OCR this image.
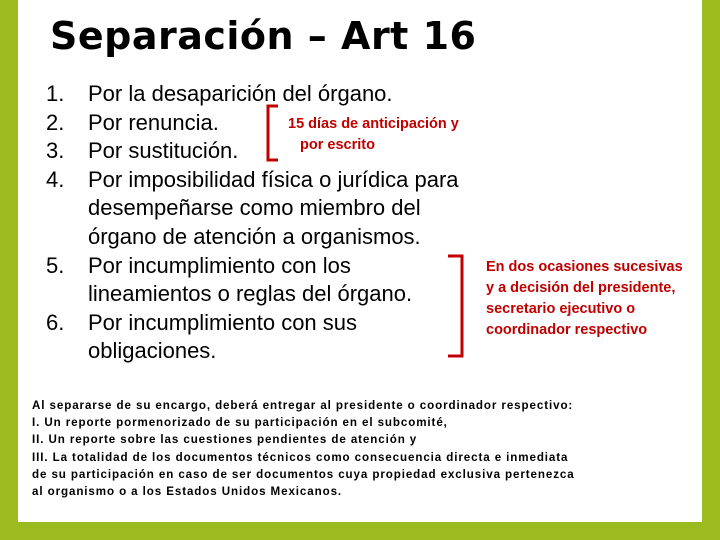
Separación – Art 16
1. Por la desaparición del órgano.
2. Por renuncia.
3. Por sustitución.
4. Por imposibilidad física o jurídica para
desempeñarse como miembro del
órgano de atención a organismos.
5. Por incumplimiento con los
lineamientos o reglas del órgano.
6. Por incumplimiento con sus
obligaciones.
15 días de anticipación y
por escrito
En dos ocasiones sucesivas
y a decisión del presidente,
secretario ejecutivo o
coordinador respectivo
Al separarse de su encargo, deberá entregar al presidente o coordinador respectivo:
I. Un reporte pormenorizado de su participación en el subcomité,
II. Un reporte sobre las cuestiones pendientes de atención y
III. La totalidad de los documentos técnicos como consecuencia directa e inmediata
de su participación en caso de ser documentos cuya propiedad exclusiva pertenezca
al organismo o a los Estados Unidos Mexicanos.
